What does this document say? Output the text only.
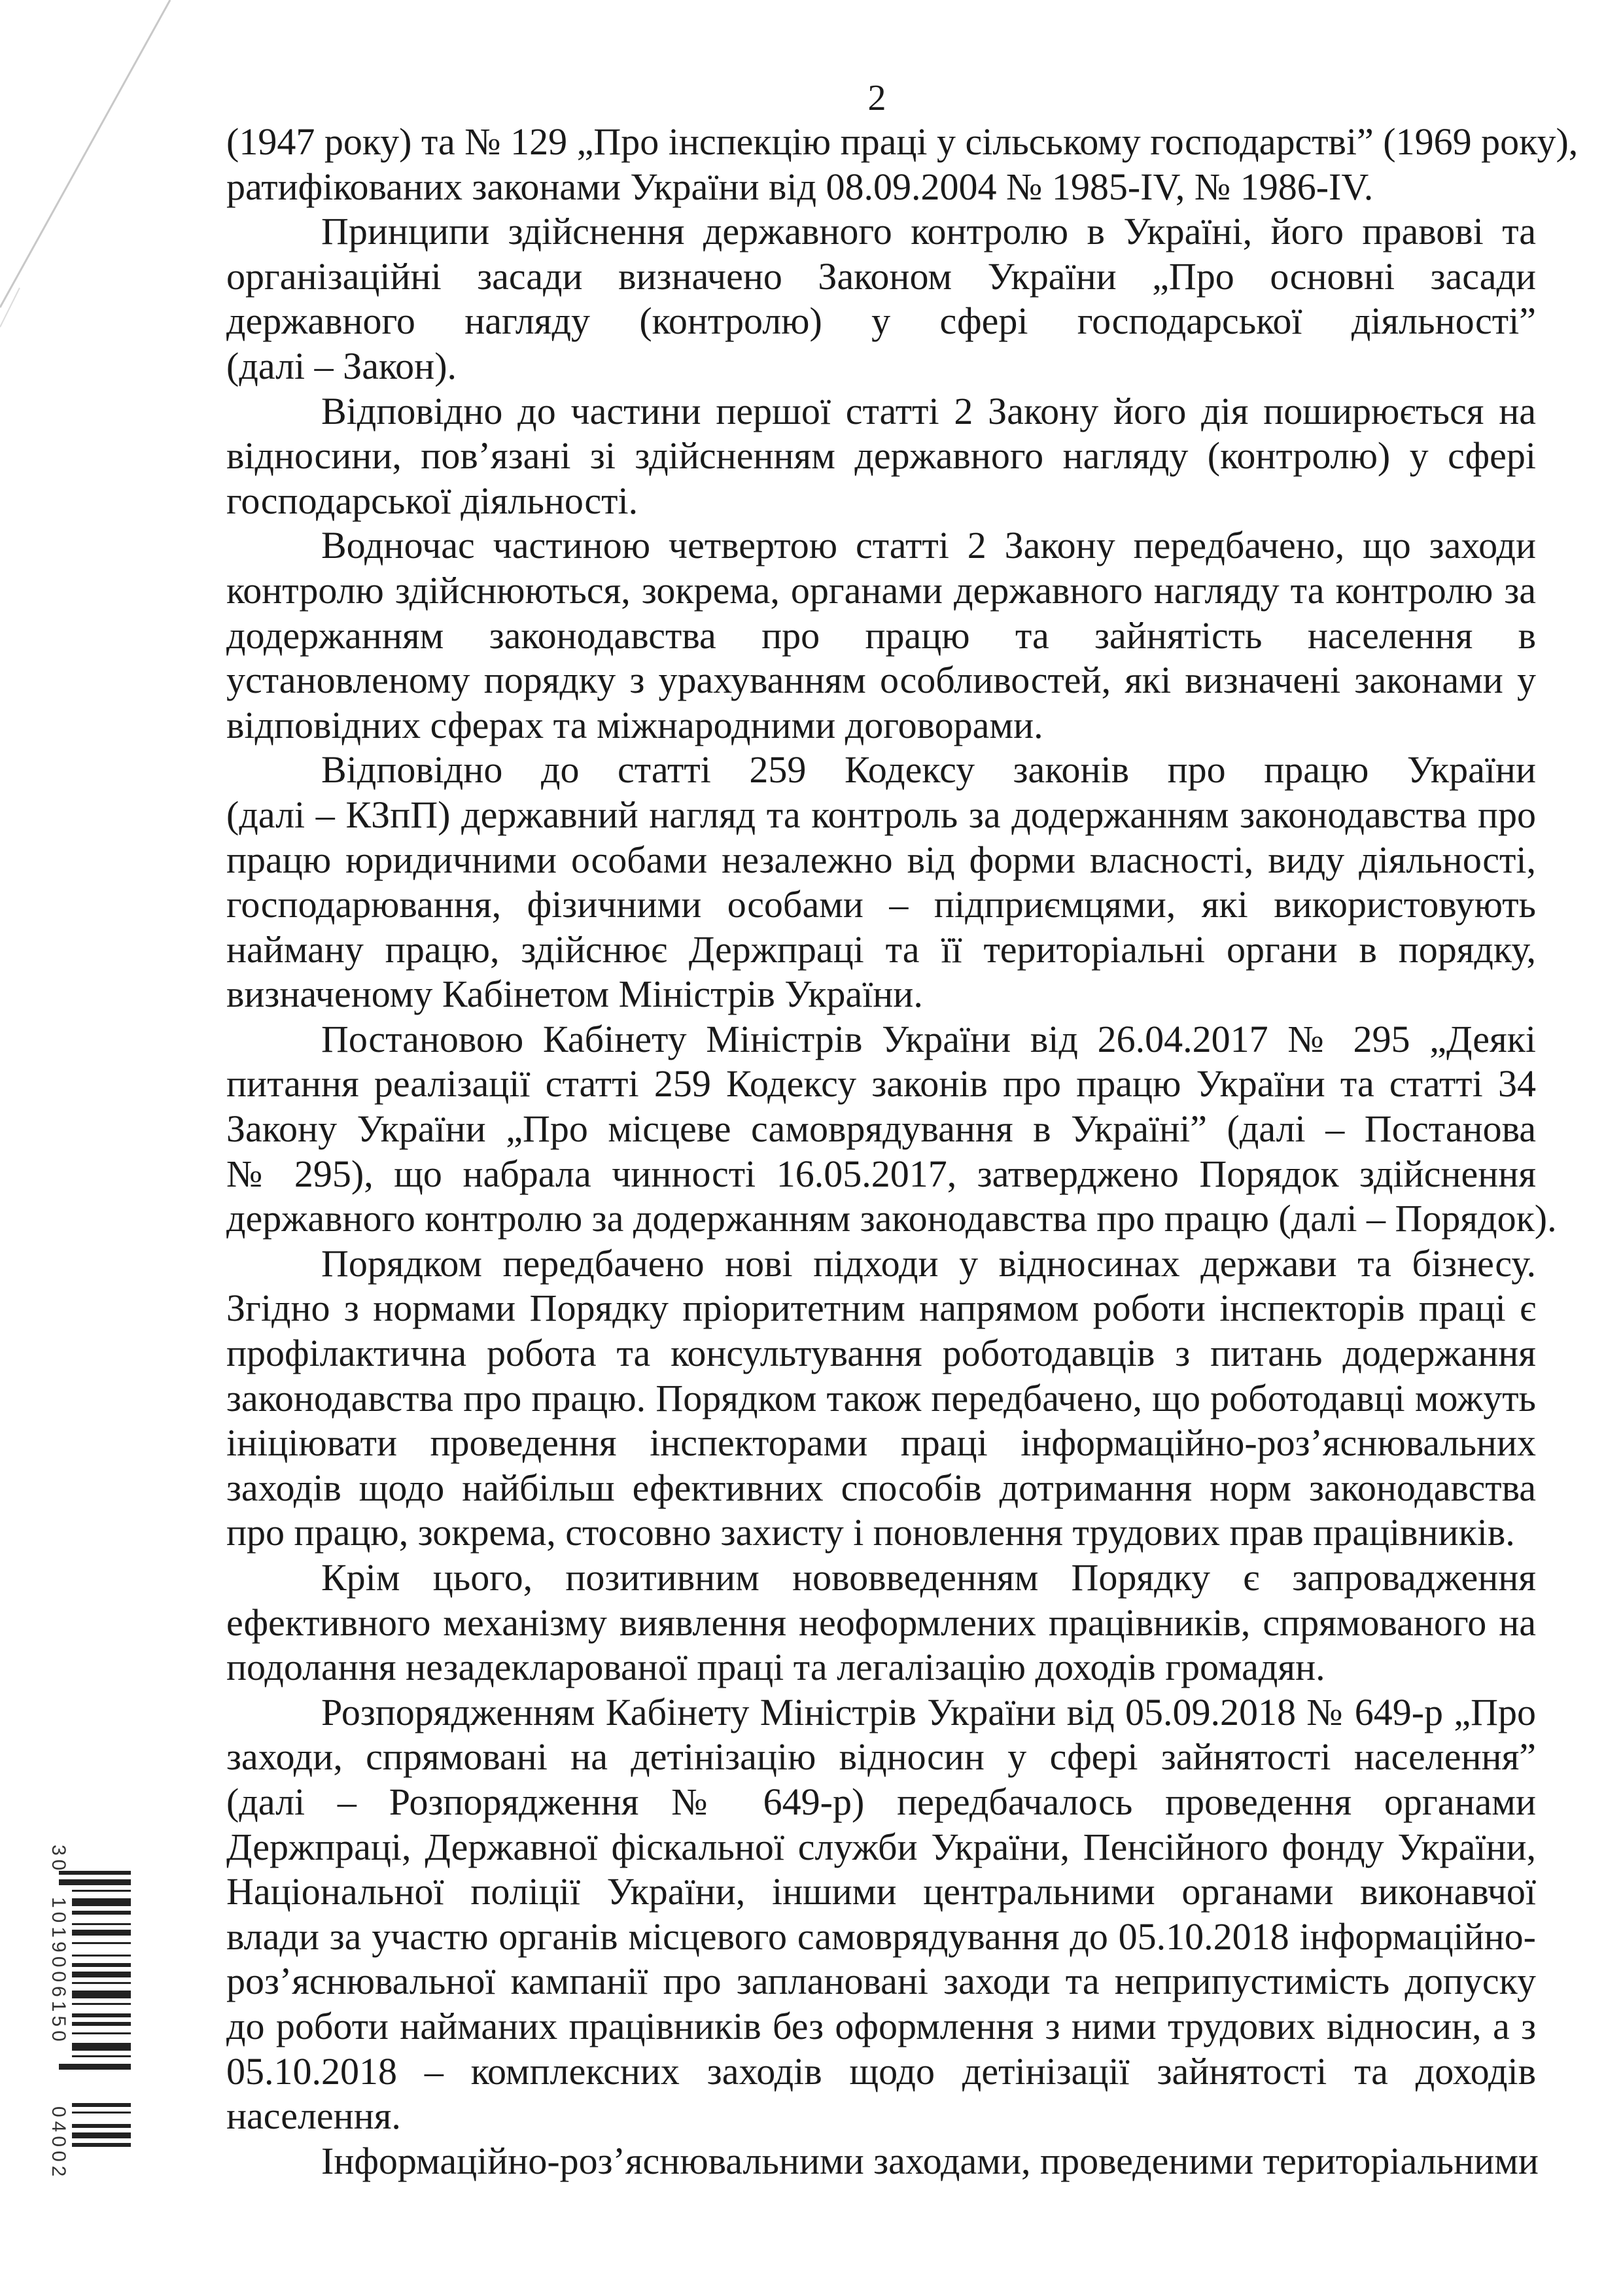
2
(1947 року) та № 129 „Про інспекцію праці у сільському господарстві” (1969 року),
ратифікованих законами України від 08.09.2004 № 1985-IV, № 1986-IV.
Принципи здійснення державного контролю в Україні, його правові та
організаційні засади визначено Законом України „Про основні засади
державного нагляду (контролю) у сфері господарської діяльності”
(далі – Закон).
Відповідно до частини першої статті 2 Закону його дія поширюється на
відносини, пов’язані зі здійсненням державного нагляду (контролю) у сфері
господарської діяльності.
Водночас частиною четвертою статті 2 Закону передбачено, що заходи
контролю здійснюються, зокрема, органами державного нагляду та контролю за
додержанням законодавства про працю та зайнятість населення в
установленому порядку з урахуванням особливостей, які визначені законами у
відповідних сферах та міжнародними договорами.
Відповідно до статті 259 Кодексу законів про працю України
(далі – КЗпП) державний нагляд та контроль за додержанням законодавства про
працю юридичними особами незалежно від форми власності, виду діяльності,
господарювання, фізичними особами – підприємцями, які використовують
найману працю, здійснює Держпраці та її територіальні органи в порядку,
визначеному Кабінетом Міністрів України.
Постановою Кабінету Міністрів України від 26.04.2017 № 295 „Деякі
питання реалізації статті 259 Кодексу законів про працю України та статті 34
Закону України „Про місцеве самоврядування в Україні” (далі – Постанова
№ 295), що набрала чинності 16.05.2017, затверджено Порядок здійснення
державного контролю за додержанням законодавства про працю (далі – Порядок).
Порядком передбачено нові підходи у відносинах держави та бізнесу.
Згідно з нормами Порядку пріоритетним напрямом роботи інспекторів праці є
профілактична робота та консультування роботодавців з питань додержання
законодавства про працю. Порядком також передбачено, що роботодавці можуть
ініціювати проведення інспекторами праці інформаційно-роз’яснювальних
заходів щодо найбільш ефективних способів дотримання норм законодавства
про працю, зокрема, стосовно захисту і поновлення трудових прав працівників.
Крім цього, позитивним нововведенням Порядку є запровадження
ефективного механізму виявлення неоформлених працівників, спрямованого на
подолання незадекларованої праці та легалізацію доходів громадян.
Розпорядженням Кабінету Міністрів України від 05.09.2018 № 649-р „Про
заходи, спрямовані на детінізацію відносин у сфері зайнятості населення”
(далі – Розпорядження № 649-р) передбачалось проведення органами
Держпраці, Державної фіскальної служби України, Пенсійного фонду України,
Національної поліції України, іншими центральними органами виконавчої
влади за участю органів місцевого самоврядування до 05.10.2018 інформаційно-
роз’яснювальної кампанії про заплановані заходи та неприпустимість допуску
до роботи найманих працівників без оформлення з ними трудових відносин, а з
05.10.2018 – комплексних заходів щодо детінізації зайнятості та доходів
населення.
Інформаційно-роз’яснювальними заходами, проведеними територіальними
30
1019006150
04002
